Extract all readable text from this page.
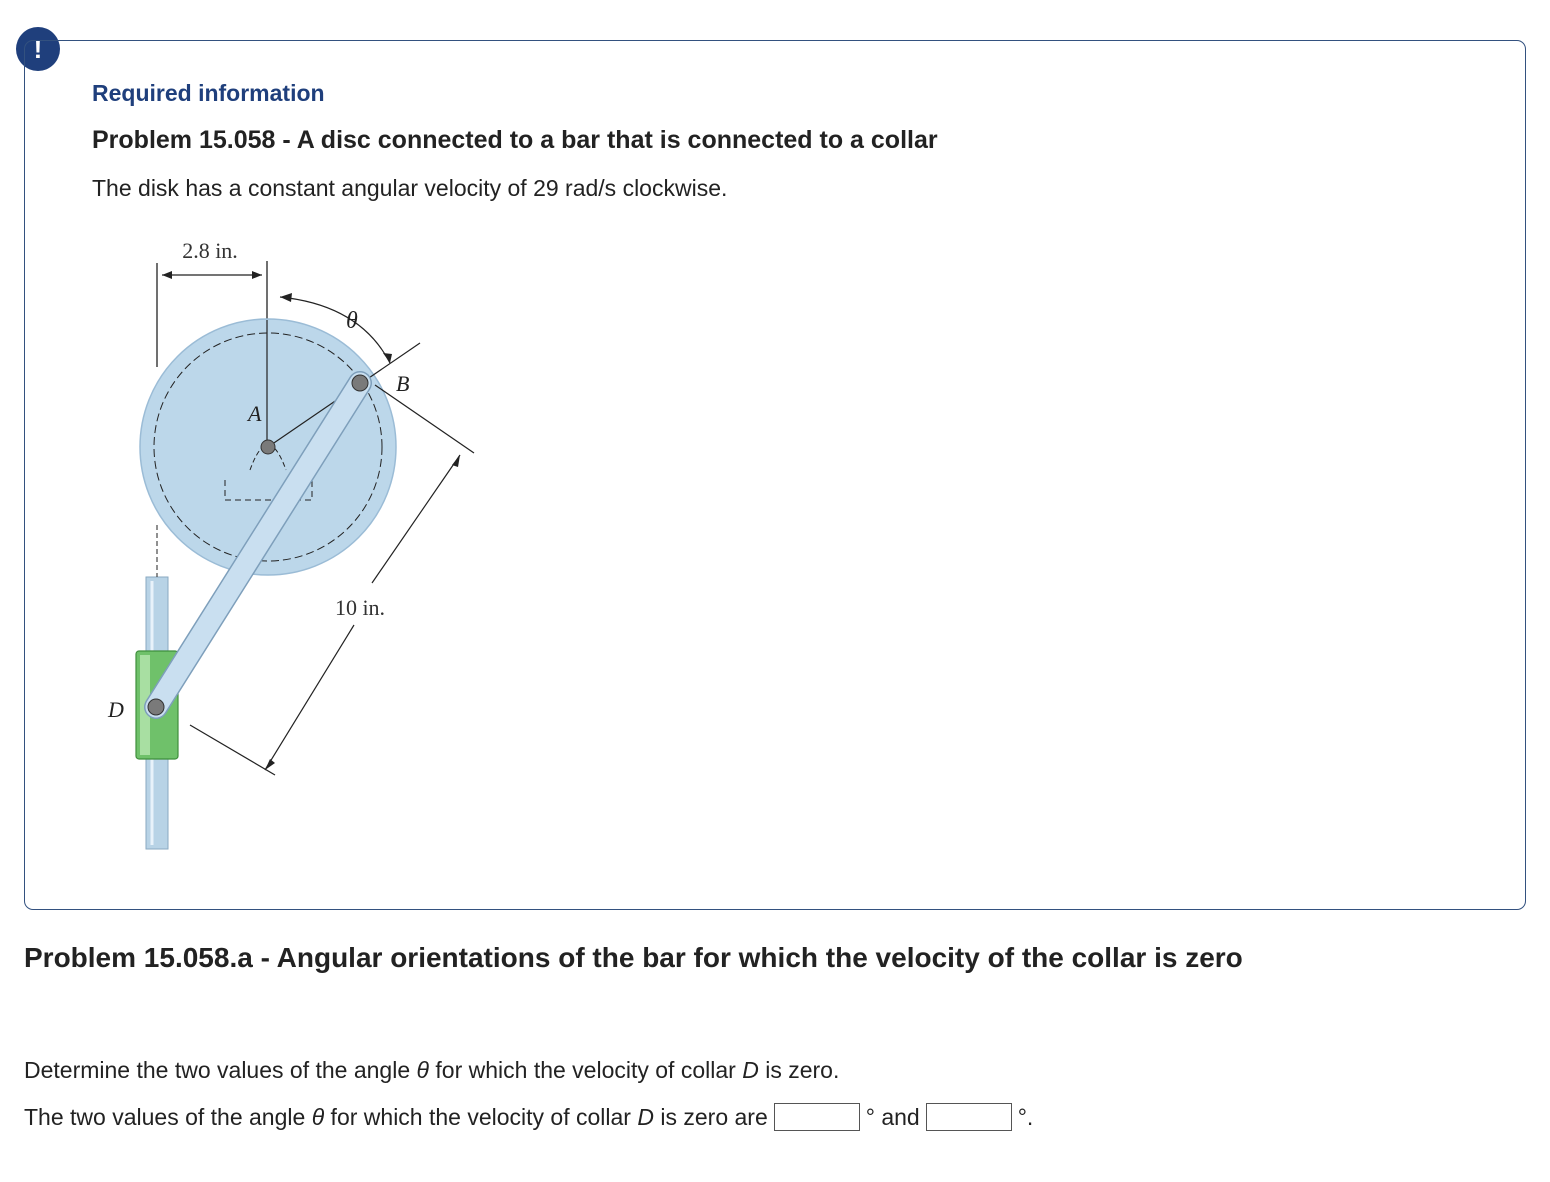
!
Required information
Problem 15.058 - A disc connected to a bar that is connected to a collar
The disk has a constant angular velocity of 29 rad/s clockwise.
2.8 in.
θ
10 in.
A
B
D
Problem 15.058.a - Angular orientations of the bar for which the velocity of the collar is zero
Determine the two values of the angle θ for which the velocity of collar D is zero.
The two values of the angle θ for which the velocity of collar D is zero are	° and	°.
